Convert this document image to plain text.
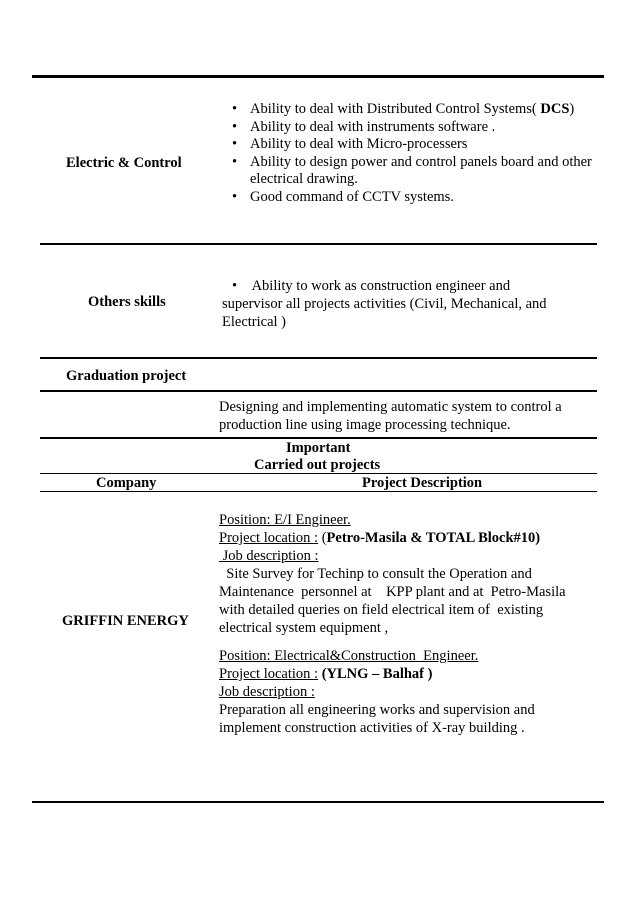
Electric & Control
• Ability to deal with Distributed Control Systems( DCS)
• Ability to deal with instruments software .
• Ability to deal with Micro-processers
• Ability to design power and control panels board and other electrical drawing.
• Good command of CCTV systems.
Others skills
• Ability to work as construction engineer and
supervisor all projects activities (Civil, Mechanical, and
Electrical )
Graduation project
Designing and implementing automatic system to control a
production line using image processing technique.
Important
Carried out projects
Company	Project Description
GRIFFIN ENERGY
Position: E/I Engineer.
Project location : (Petro-Masila & TOTAL Block#10)
Job description :
Site Survey for Techinp to consult the Operation and
Maintenance  personnel at    KPP plant and at  Petro-Masila
with detailed queries on field electrical item of  existing
electrical system equipment ,
Position: Electrical&Construction  Engineer.
Project location : (YLNG – Balhaf )
Job description :
Preparation all engineering works and supervision and
implement construction activities of X-ray building .
